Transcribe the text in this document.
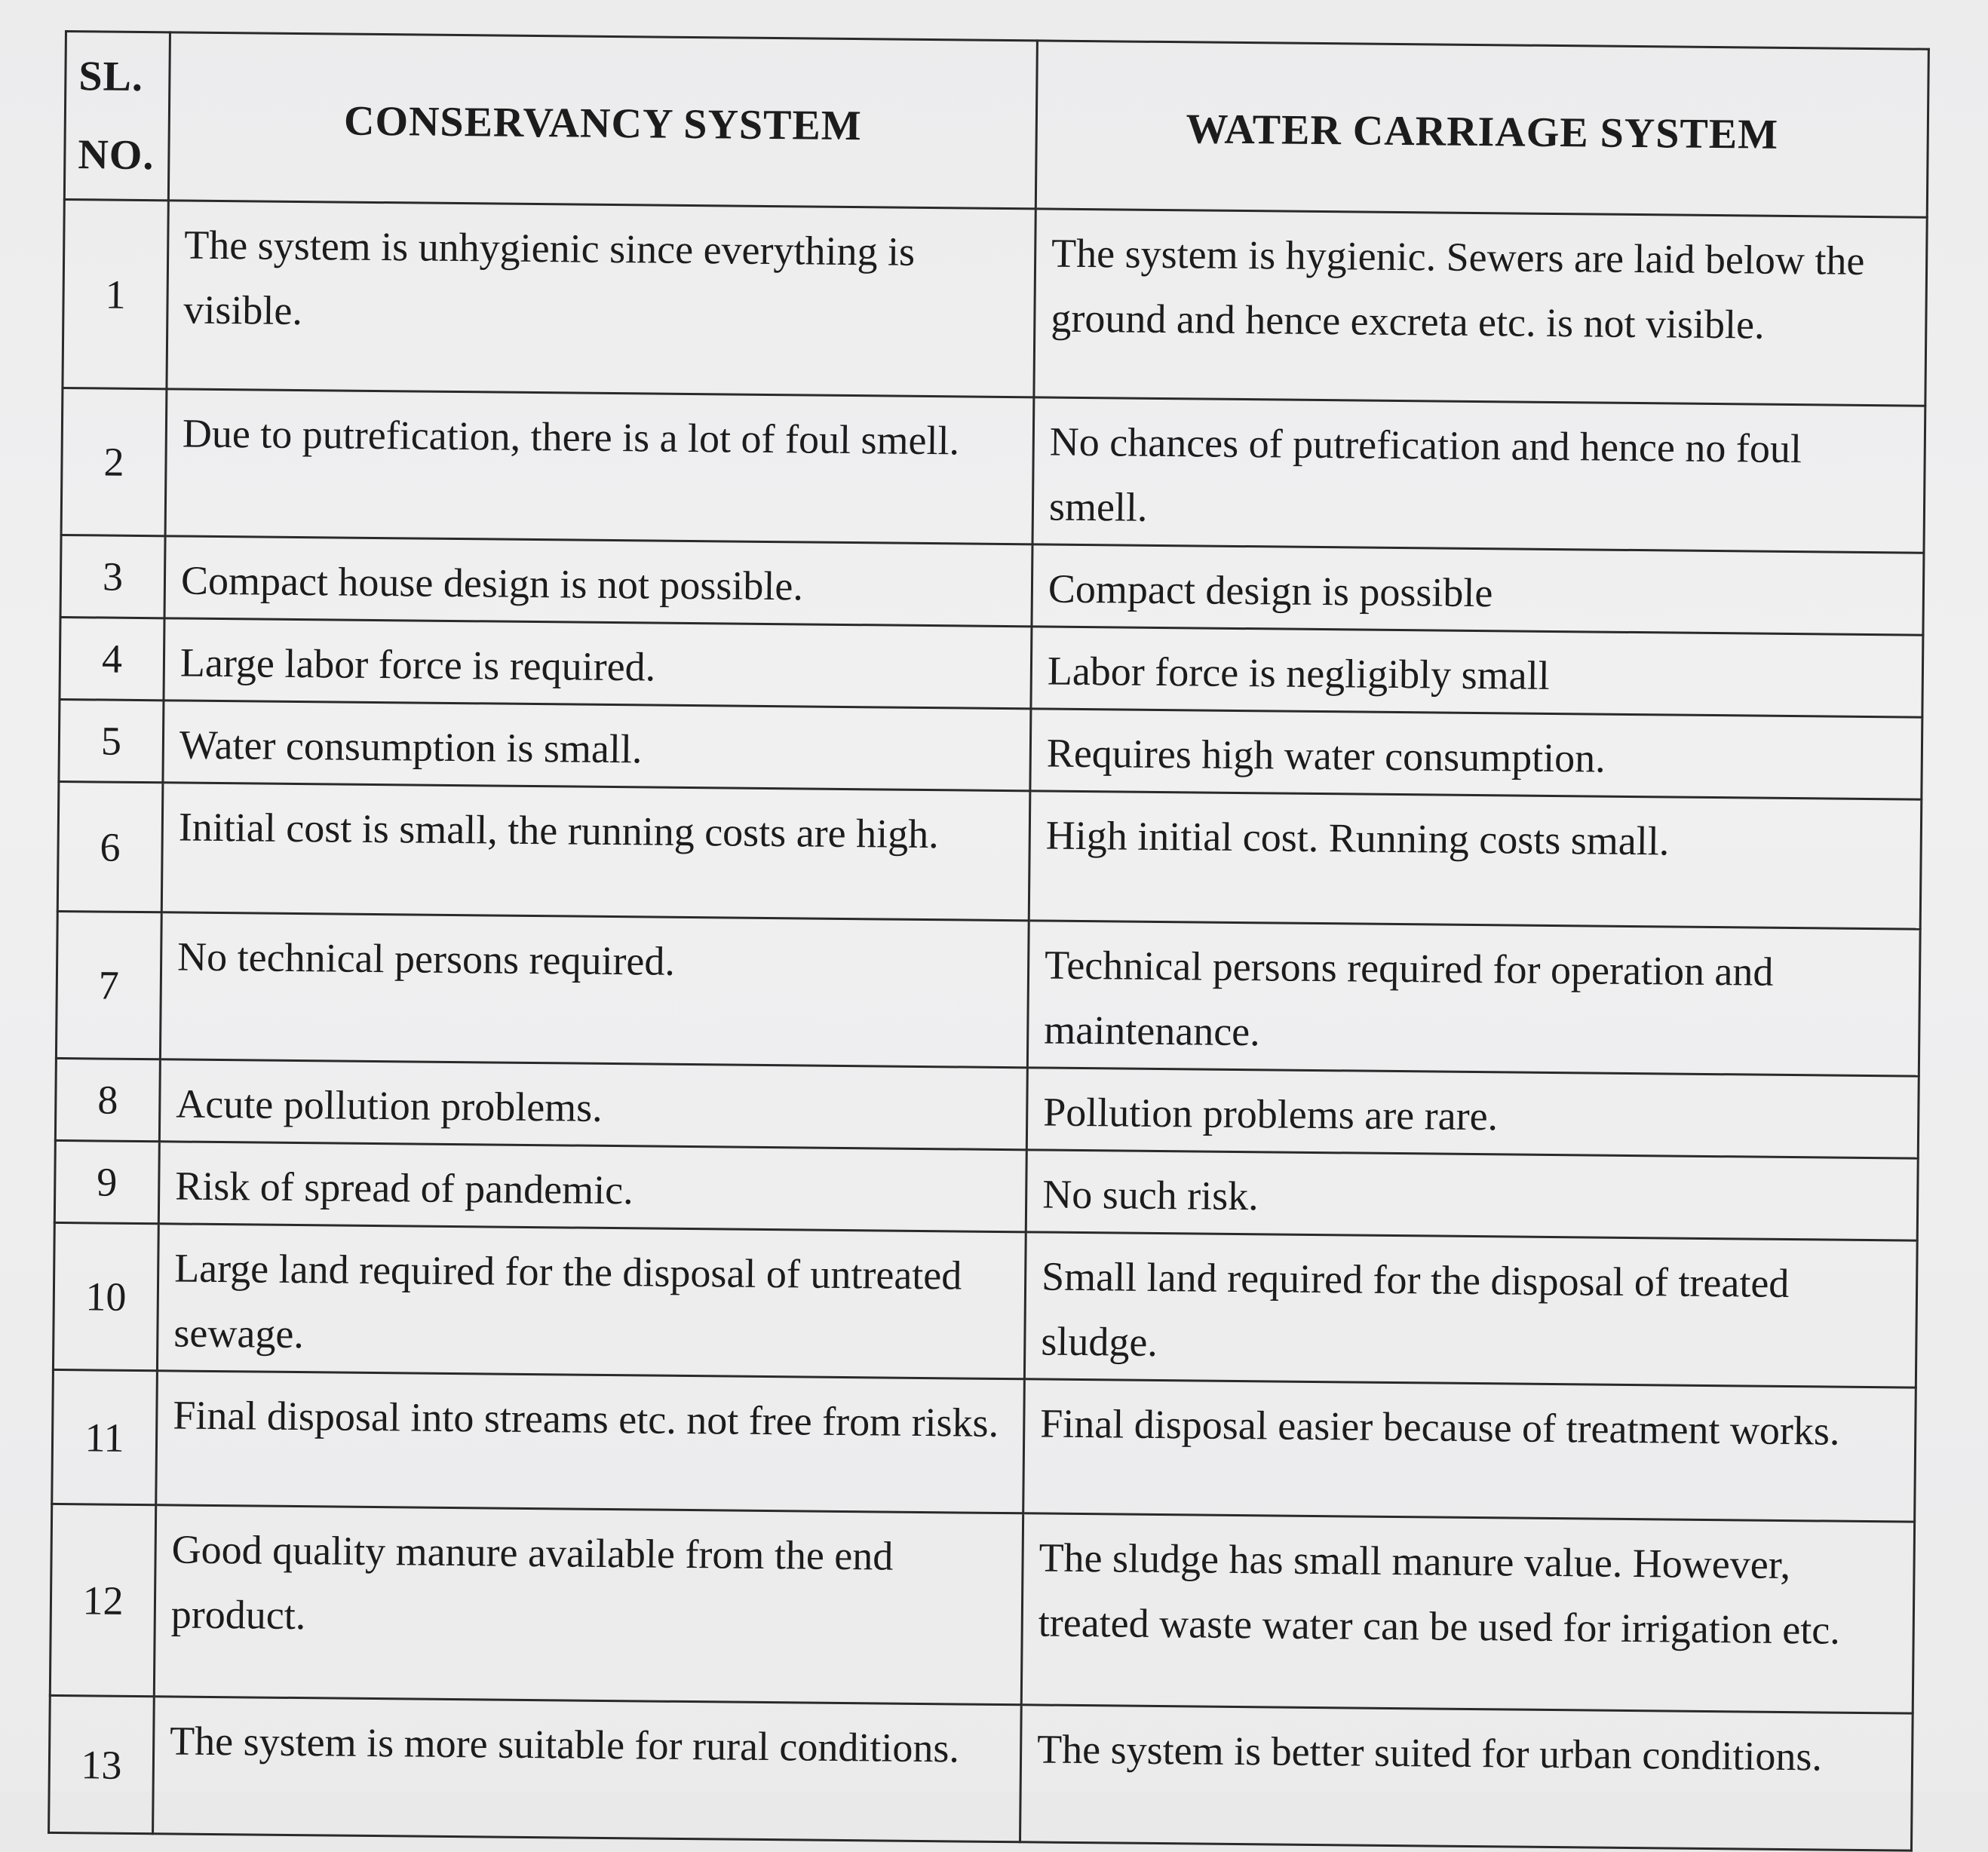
SL.
NO.	CONSERVANCY SYSTEM	WATER CARRIAGE SYSTEM
1	The system is unhygienic since everything is visible.	The system is hygienic. Sewers are laid below the ground and hence excreta etc. is not visible.
2	Due to putrefication, there is a lot of foul smell.	No chances of putrefication and hence no foul smell.
3	Compact house design is not possible.	Compact design is possible
4	Large labor force is required.	Labor force is negligibly small
5	Water consumption is small.	Requires high water consumption.
6	Initial cost is small, the running costs are high.	High initial cost. Running costs small.
7	No technical persons required.	Technical persons required for operation and maintenance.
8	Acute pollution problems.	Pollution problems are rare.
9	Risk of spread of pandemic.	No such risk.
10	Large land required for the disposal of untreated sewage.	Small land required for the disposal of treated sludge.
11	Final disposal into streams etc. not free from risks.	Final disposal easier because of treatment works.
12	Good quality manure available from the end product.	The sludge has small manure value. However, treated waste water can be used for irrigation etc.
13	The system is more suitable for rural conditions.	The system is better suited for urban conditions.
